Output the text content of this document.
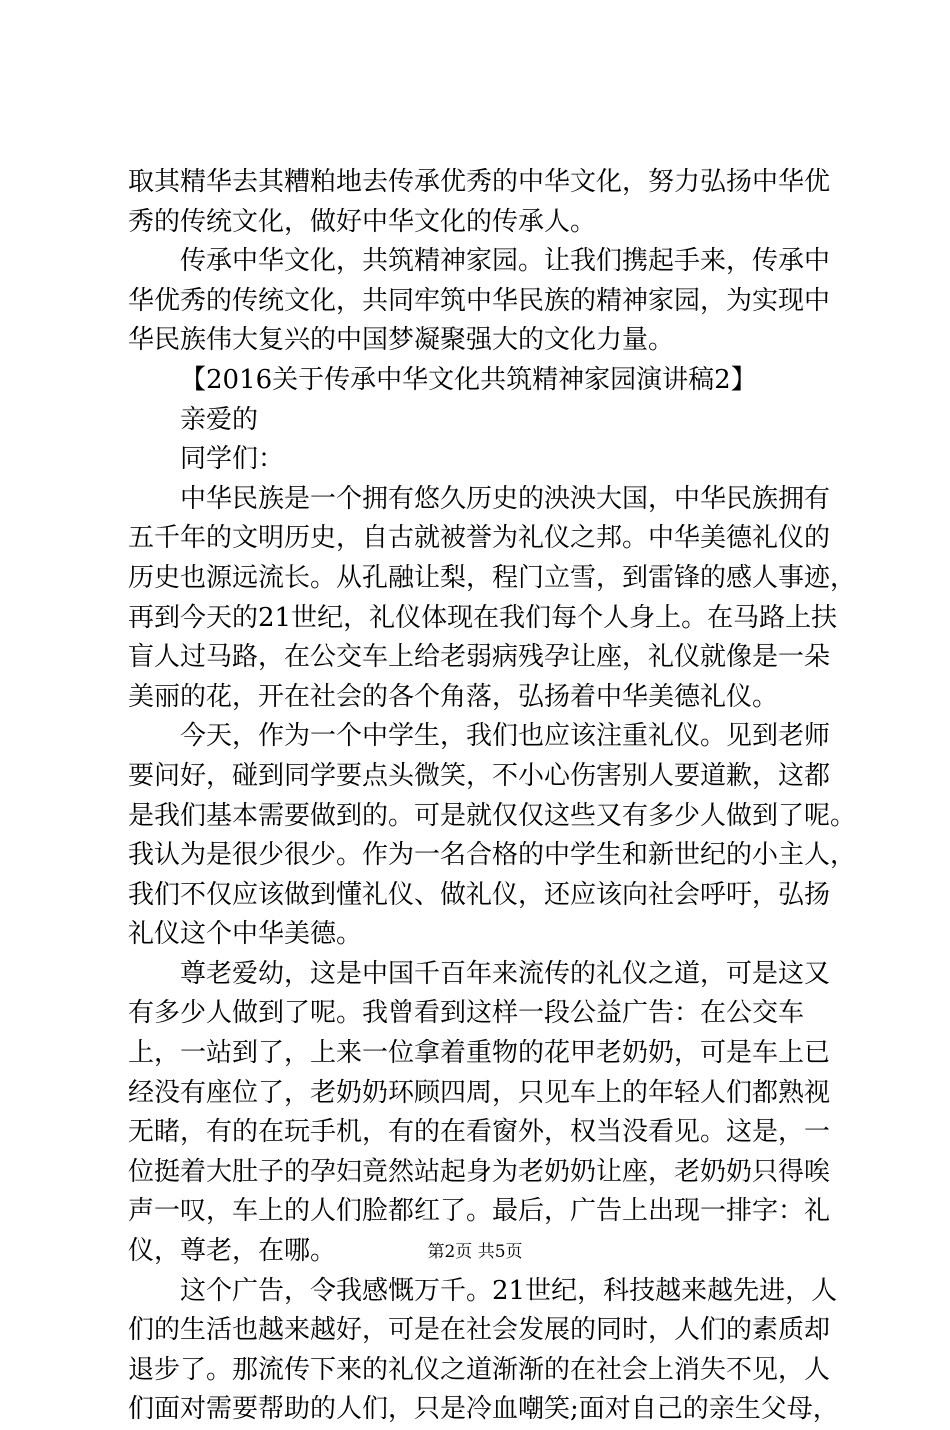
取其精华去其糟粕地去传承优秀的中华文化，努力弘扬中华优
秀的传统文化，做好中华文化的传承人。
传承中华文化，共筑精神家园。让我们携起手来，传承中
华优秀的传统文化，共同牢筑中华民族的精神家园，为实现中
华民族伟大复兴的中国梦凝聚强大的文化力量。
【2016关于传承中华文化共筑精神家园演讲稿2】
亲爱的
同学们：
中华民族是一个拥有悠久历史的泱泱大国，中华民族拥有
五千年的文明历史，自古就被誉为礼仪之邦。中华美德礼仪的
历史也源远流长。从孔融让梨，程门立雪，到雷锋的感人事迹，
再到今天的21世纪，礼仪体现在我们每个人身上。在马路上扶
盲人过马路，在公交车上给老弱病残孕让座，礼仪就像是一朵
美丽的花，开在社会的各个角落，弘扬着中华美德礼仪。
今天，作为一个中学生，我们也应该注重礼仪。见到老师
要问好，碰到同学要点头微笑，不小心伤害别人要道歉，这都
是我们基本需要做到的。可是就仅仅这些又有多少人做到了呢。
我认为是很少很少。作为一名合格的中学生和新世纪的小主人，
我们不仅应该做到懂礼仪、做礼仪，还应该向社会呼吁，弘扬
礼仪这个中华美德。
尊老爱幼，这是中国千百年来流传的礼仪之道，可是这又
有多少人做到了呢。我曾看到这样一段公益广告：在公交车
上，一站到了，上来一位拿着重物的花甲老奶奶，可是车上已
经没有座位了，老奶奶环顾四周，只见车上的年轻人们都熟视
无睹，有的在玩手机，有的在看窗外，权当没看见。这是，一
位挺着大肚子的孕妇竟然站起身为老奶奶让座，老奶奶只得唉
声一叹，车上的人们脸都红了。最后，广告上出现一排字：礼
仪，尊老，在哪。
这个广告，令我感慨万千。21世纪，科技越来越先进，人
们的生活也越来越好，可是在社会发展的同时，人们的素质却
退步了。那流传下来的礼仪之道渐渐的在社会上消失不见，人
们面对需要帮助的人们，只是冷血嘲笑;面对自己的亲生父母，
第2页 共5页
